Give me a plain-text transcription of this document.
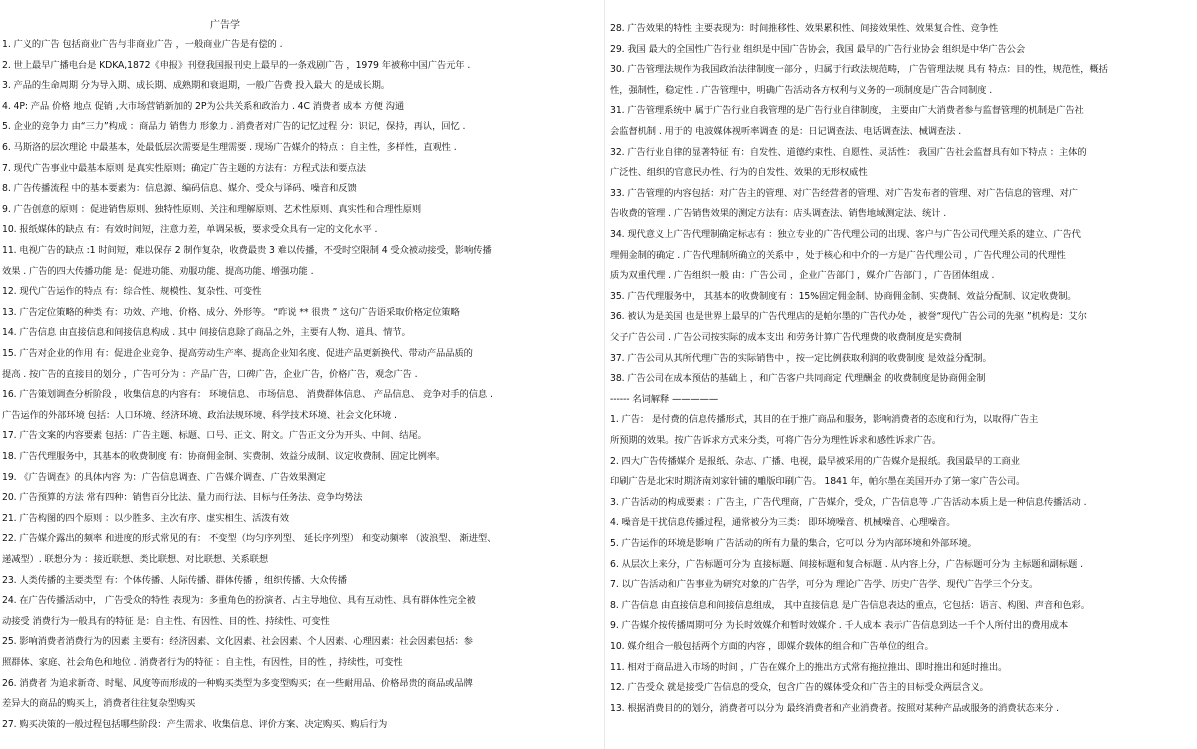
广告学
1. 广义的广告 包括商业广告与非商业广告 ，一般商业广告是有偿的 .
2. 世上最早广播电台是 KDKA,1872《申报》刊登我国报刊史上最早的一条戏剧广告 ，1979 年被称中国广告元年 .
3. 产品的生命周期 分为导入期、成长期、成熟期和衰退期，一般广告费 投入最大 的是成长期。
4. 4P: 产品 价格 地点 促销 ,大市场营销新加的 2P为公共关系和政治力 . 4C 消费者 成本 方便 沟通
5. 企业的竞争力 由“三力”构成 ：商品力 销售力 形象力 . 消费者对广告的记忆过程 分：识记，保持，再认，回忆 .
6. 马斯洛的层次理论 中最基本，处最低层次需要是生理需要 . 现场广告媒介的特点 ：自主性，多样性，直观性 .
7. 现代广告事业中最基本原则 是真实性原则；确定广告主题的方法有：方程式法和要点法
8. 广告传播流程 中的基本要素为：信息源、编码信息、媒介、受众与译码、噪音和反馈
9. 广告创意的原则 ：促进销售原则、独特性原则、关注和理解原则、艺术性原则、真实性和合理性原则
10. 报纸媒体的缺点 有：有效时间短，注意力差，单调呆板，要求受众具有一定的文化水平 .
11. 电视广告的缺点 :1 时间短，难以保存 2 制作复杂，收费最贵 3 难以传播，不受时空限制 4 受众被动接受，影响传播
效果 . 广告的四大传播功能 是：促进功能、劝服功能、提高功能、增强功能 .
12. 现代广告运作的特点 有：综合性、规模性、复杂性、可变性
13. 广告定位策略的种类 有：功效、产地、价格、成分、外形等。 “昨说 ** 很贵 ” 这句广告语采取价格定位策略
14. 广告信息 由直接信息和间接信息构成 . 其中 间接信息除了商品之外，主要有人物、道具、情节。
15. 广告对企业的作用 有：促进企业竞争、提高劳动生产率、提高企业知名度、促进产品更新换代、带动产品品质的
提高 . 按广告的直接目的划分 ，广告可分为 ：产品广告，口碑广告，企业广告，价格广告，观念广告 .
16. 广告策划调查分析阶段 ，收集信息的内容有： 环境信息、 市场信息、 消费群体信息、 产品信息、 竞争对手的信息 .
广告运作的外部环境 包括：人口环境、经济环境、政治法规环境、科学技术环境、社会文化环境 .
17. 广告文案的内容要素 包括：广告主题、标题、口号、正文、附文。广告正文分为开头、中间、结尾。
18. 广告代理服务中，其基本的收费制度 有：协商佣金制、实费制、效益分成制、议定收费制、固定比例率。
19. 《广告调查》的具体内容 为：广告信息调查、广告媒介调查、广告效果测定
20. 广告预算的方法 常有四种：销售百分比法、量力而行法、目标与任务法、竞争均势法
21. 广告构图的四个原则 ：以少胜多、主次有序、虚实相生、活泼有效
22. 广告媒介露出的频率 和进度的形式常见的有： 不变型（均匀序列型、 延长序列型） 和变动频率 （波浪型、 渐进型、
递减型）. 联想分为 ：接近联想、类比联想、对比联想、关系联想
23. 人类传播的主要类型 有：个体传播、人际传播、群体传播 ，组织传播、大众传播
24. 在广告传播活动中， 广告受众的特性 表现为：多重角色的扮演者、占主导地位、具有互动性、具有群体性完全被
动接受 消费行为一般具有的特征 是：自主性、有因性、目的性、持续性、可变性
25. 影响消费者消费行为的因素 主要有：经济因素、文化因素、社会因素、个人因素、心理因素：社会因素包括：参
照群体、家庭、社会角色和地位 . 消费者行为的特征 ：自主性，有因性，目的性 ，持续性，可变性
26. 消费者 为追求新奇、时髦、风度等而形成的一种购买类型为多变型购买；在一些耐用品、价格昂贵的商品或品牌
差异大的商品的购买上，消费者往往复杂型购买
27. 购买决策的一般过程包括哪些阶段：产生需求、收集信息、评价方案、决定购买、购后行为
28. 广告效果的特性 主要表现为：时间推移性、效果累积性、间接效果性、效果复合性、竞争性
29. 我国 最大的全国性广告行业 组织是中国广告协会，我国 最早的广告行业协会 组织是中华广告公会
30. 广告管理法规作为我国政治法律制度一部分 ，归属于行政法规范畴， 广告管理法规 具有 特点：目的性，规范性，概括
性，强制性，稳定性 . 广告管理中，明确广告活动各方权利与义务的一项制度是广告合同制度 .
31. 广告管理系统中 属于广告行业自我管理的是广告行业自律制度， 主要由广大消费者参与监督管理的机制是广告社
会监督机制 . 用于的 电波媒体视听率调查 的是：日记调查法、电话调查法、械调查法 .
32. 广告行业自律的显著特征 有：自发性、道德约束性、自愿性、灵活性： 我国广告社会监督具有如下特点 ：主体的
广泛性、组织的官意民办性、行为的自发性、效果的无形权威性
33. 广告管理的内容包括：对广告主的管理、对广告经营者的管理、对广告发布者的管理、对广告信息的管理、对广
告收费的管理 . 广告销售效果的测定方法有：店头调查法、销售地域测定法、统计 .
34. 现代意义上广告代理制确定标志有 ：独立专业的广告代理公司的出现、客户与广告公司代理关系的建立、广告代
理佣金制的确定 . 广告代理制所确立的关系中 ，处于核心和中介的一方是广告代理公司 ，广告代理公司的代理性
质为双重代理 . 广告组织一般 由：广告公司 ，企业广告部门 ，媒介广告部门 ，广告团体组成 .
35. 广告代理服务中， 其基本的收费制度有 ：15%固定佣金制、协商佣金制、实费制、效益分配制、议定收费制。
36. 被认为是美国 也是世界上最早的广告代理店的是帕尔墨的广告代办处 ，被誉“现代广告公司的先驱 ”机构是：艾尔
父子广告公司 . 广告公司按实际的成本支出 和劳务计算广告代理费的收费制度是实费制
37. 广告公司从其所代理广告的实际销售中 ，按一定比例获取利润的收费制度 是效益分配制。
38. 广告公司在成本预估的基础上 ，和广告客户共同商定 代理酬金 的收费制度是协商佣金制
------ 名词解释 —————
1. 广告： 是付费的信息传播形式，其目的在于推广商品和服务，影响消费者的态度和行为，以取得广告主
所预期的效果。按广告诉求方式来分类，可将广告分为理性诉求和感性诉求广告。
2. 四大广告传播媒介 是报纸、杂志、广播、电视，最早被采用的广告媒介是报纸。我国最早的工商业
印刷广告是北宋时期济南刘家针铺的雕版印刷广告。 1841 年，帕尔墨在美国开办了第一家广告公司。
3. 广告活动的构成要素 ：广告主，广告代理商，广告媒介，受众，广告信息等 .广告活动本质上是一种信息传播活动 .
4. 噪音是干扰信息传播过程，通常被分为三类： 即环境噪音、机械噪音、心理噪音。
5. 广告运作的环境是影响 广告活动的所有力量的集合，它可以 分为内部环境和外部环境。
6. 从层次上来分，广告标题可分为 直接标题、间接标题和复合标题 . 从内容上分，广告标题可分为 主标题和副标题 .
7. 以广告活动和广告事业为研究对象的广告学，可分为 理论广告学、历史广告学、现代广告学三个分支。
8. 广告信息 由直接信息和间接信息组成， 其中直接信息 是广告信息表达的重点，它包括：语言、构图、声音和色彩。
9. 广告媒介按传播周期可分 为长时效媒介和暂时效媒介 . 千人成本 表示广告信息到达一千个人所付出的费用成本
10. 媒介组合一般包括两个方面的内容 ，即媒介载体的组合和广告单位的组合。
11. 相对于商品进入市场的时间 ，广告在媒介上的推出方式常有拖拉推出、即时推出和延时推出。
12. 广告受众 就是接受广告信息的受众，包含广告的媒体受众和广告主的目标受众两层含义。
13. 根据消费目的的划分，消费者可以分为 最终消费者和产业消费者。按照对某种产品或服务的消费状态来分 .
